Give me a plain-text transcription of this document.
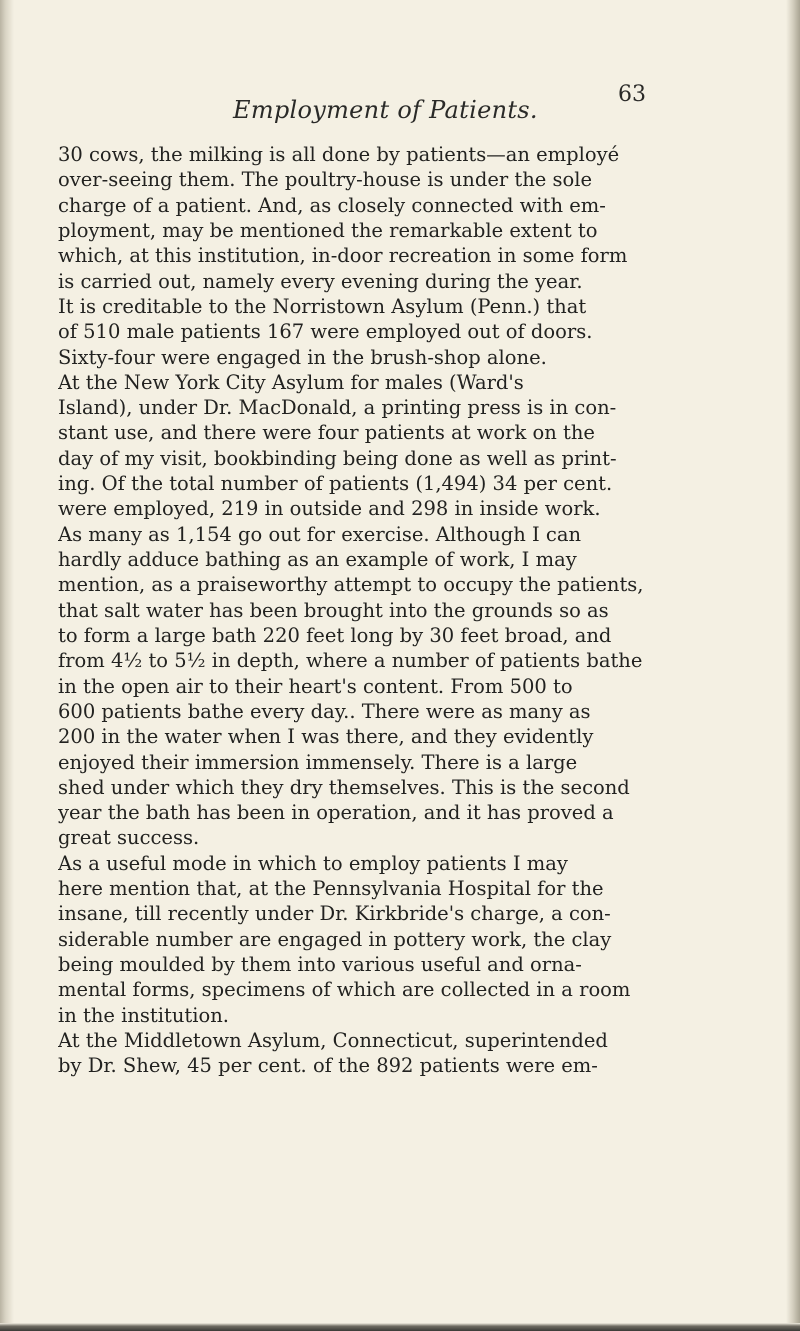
Employment of Patients.
63
30 cows, the milking is all done by patients—an employé
over-seeing them. The poultry-house is under the sole
charge of a patient. And, as closely connected with em-
ployment, may be mentioned the remarkable extent to
which, at this institution, in-door recreation in some form
is carried out, namely every evening during the year.
It is creditable to the Norristown Asylum (Penn.) that
of 510 male patients 167 were employed out of doors.
Sixty-four were engaged in the brush-shop alone.
At the New York City Asylum for males (Ward's
Island), under Dr. MacDonald, a printing press is in con-
stant use, and there were four patients at work on the
day of my visit, bookbinding being done as well as print-
ing. Of the total number of patients (1,494) 34 per cent.
were employed, 219 in outside and 298 in inside work.
As many as 1,154 go out for exercise. Although I can
hardly adduce bathing as an example of work, I may
mention, as a praiseworthy attempt to occupy the patients,
that salt water has been brought into the grounds so as
to form a large bath 220 feet long by 30 feet broad, and
from 4½ to 5½ in depth, where a number of patients bathe
in the open air to their heart's content. From 500 to
600 patients bathe every day.. There were as many as
200 in the water when I was there, and they evidently
enjoyed their immersion immensely. There is a large
shed under which they dry themselves. This is the second
year the bath has been in operation, and it has proved a
great success.
As a useful mode in which to employ patients I may
here mention that, at the Pennsylvania Hospital for the
insane, till recently under Dr. Kirkbride's charge, a con-
siderable number are engaged in pottery work, the clay
being moulded by them into various useful and orna-
mental forms, specimens of which are collected in a room
in the institution.
At the Middletown Asylum, Connecticut, superintended
by Dr. Shew, 45 per cent. of the 892 patients were em-
